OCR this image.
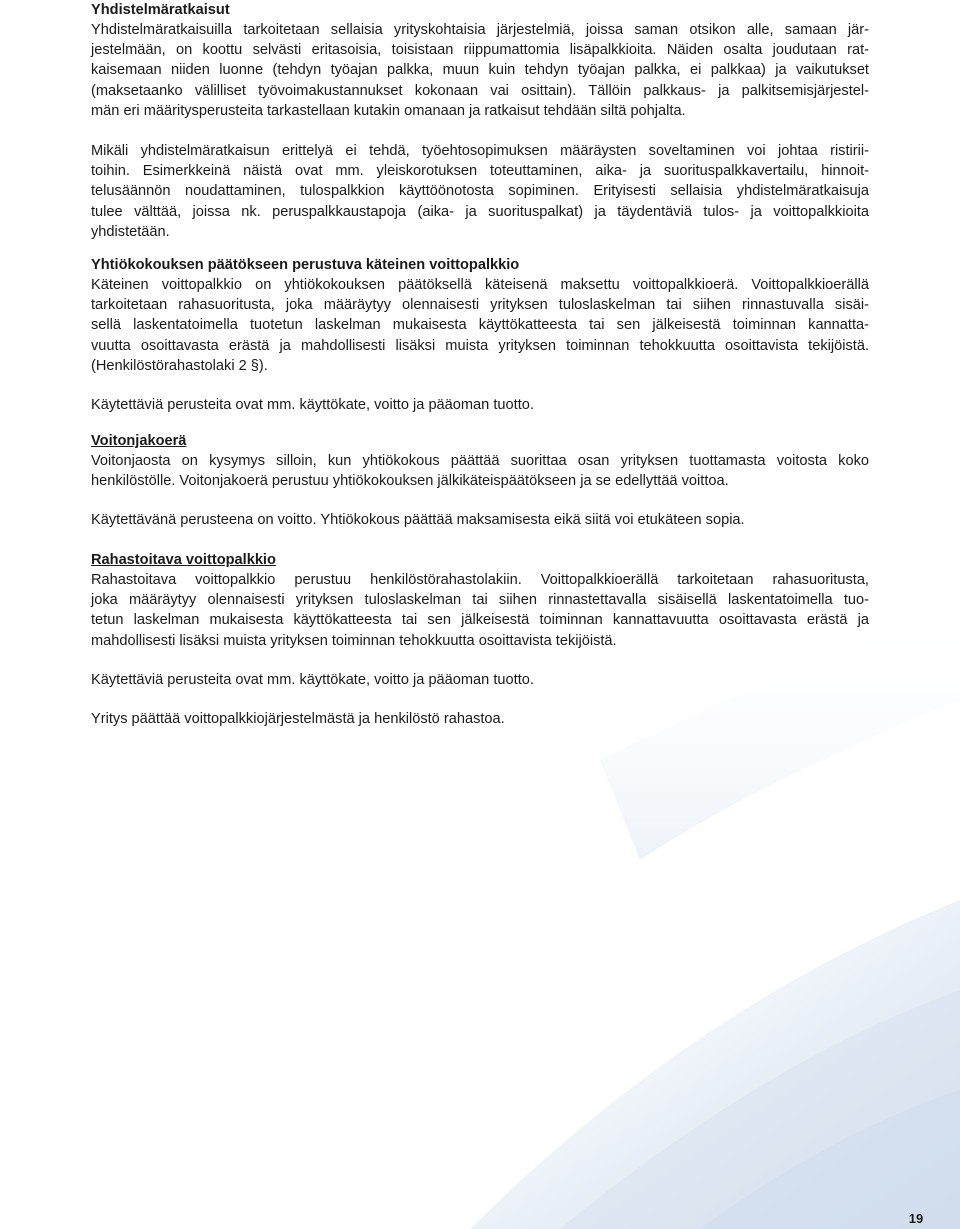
Yhdistelmäratkaisut
Yhdistelmäratkaisuilla tarkoitetaan sellaisia yrityskohtaisia järjestelmiä, joissa saman otsikon alle, samaan jär-
jestelmään, on koottu selvästi eritasoisia, toisistaan riippumattomia lisäpalkkioita. Näiden osalta joudutaan rat-
kaisemaan niiden luonne (tehdyn työajan palkka, muun kuin tehdyn työajan palkka, ei palkkaa) ja vaikutukset
(maksetaanko välilliset työvoimakustannukset kokonaan vai osittain). Tällöin palkkaus- ja palkitsemisjärjestel-
män eri määritysperusteita tarkastellaan kutakin omanaan ja ratkaisut tehdään siltä pohjalta.
Mikäli yhdistelmäratkaisun erittelyä ei tehdä, työehtosopimuksen määräysten soveltaminen voi johtaa ristirii-
toihin. Esimerkkeinä näistä ovat mm. yleiskorotuksen toteuttaminen, aika- ja suorituspalkkavertailu, hinnoit-
telusäännön noudattaminen, tulospalkkion käyttöönotosta sopiminen. Erityisesti sellaisia yhdistelmäratkaisuja
tulee välttää, joissa nk. peruspalkkaustapoja (aika- ja suorituspalkat) ja täydentäviä tulos- ja voittopalkkioita
yhdistetään.
Yhtiökokouksen päätökseen perustuva käteinen voittopalkkio
Käteinen voittopalkkio on yhtiökokouksen päätöksellä käteisenä maksettu voittopalkkioerä. Voittopalkkioerällä
tarkoitetaan rahasuoritusta, joka määräytyy olennaisesti yrityksen tuloslaskelman tai siihen rinnastuvalla sisäi-
sellä laskentatoimella tuotetun laskelman mukaisesta käyttökatteesta tai sen jälkeisestä toiminnan kannatta-
vuutta osoittavasta erästä ja mahdollisesti lisäksi muista yrityksen toiminnan tehokkuutta osoittavista tekijöistä.
(Henkilöstörahastolaki 2 §).
Käytettäviä perusteita ovat mm. käyttökate, voitto ja pääoman tuotto.
Voitonjakoerä
Voitonjaosta on kysymys silloin, kun yhtiökokous päättää suorittaa osan yrityksen tuottamasta voitosta koko
henkilöstölle. Voitonjakoerä perustuu yhtiökokouksen jälkikäteispäätökseen ja se edellyttää voittoa.
Käytettävänä perusteena on voitto. Yhtiökokous päättää maksamisesta eikä siitä voi etukäteen sopia.
Rahastoitava voittopalkkio
Rahastoitava voittopalkkio perustuu henkilöstörahastolakiin. Voittopalkkioerällä tarkoitetaan rahasuoritusta,
joka määräytyy olennaisesti yrityksen tuloslaskelman tai siihen rinnastettavalla sisäisellä laskentatoimella tuo-
tetun laskelman mukaisesta käyttökatteesta tai sen jälkeisestä toiminnan kannattavuutta osoittavasta erästä ja
mahdollisesti lisäksi muista yrityksen toiminnan tehokkuutta osoittavista tekijöistä.
Käytettäviä perusteita ovat mm. käyttökate, voitto ja pääoman tuotto.
Yritys päättää voittopalkkiojärjestelmästä ja henkilöstö rahastoa.
19
